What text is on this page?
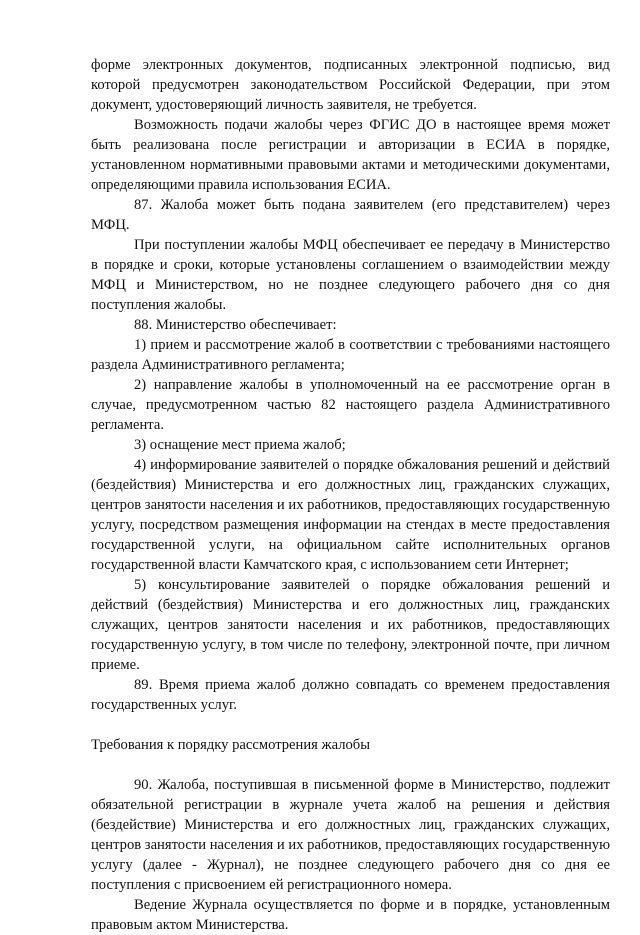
форме электронных документов, подписанных электронной подписью, вид которой предусмотрен законодательством Российской Федерации, при этом документ, удостоверяющий личность заявителя, не требуется.

Возможность подачи жалобы через ФГИС ДО в настоящее время может быть реализована после регистрации и авторизации в ЕСИА в порядке, установленном нормативными правовыми актами и методическими документами, определяющими правила использования ЕСИА.

87. Жалоба может быть подана заявителем (его представителем) через МФЦ.

При поступлении жалобы МФЦ обеспечивает ее передачу в Министерство в порядке и сроки, которые установлены соглашением о взаимодействии между МФЦ и Министерством, но не позднее следующего рабочего дня со дня поступления жалобы.

88. Министерство обеспечивает:

1) прием и рассмотрение жалоб в соответствии с требованиями настоящего раздела Административного регламента;

2) направление жалобы в уполномоченный на ее рассмотрение орган в случае, предусмотренном частью 82 настоящего раздела Административного регламента.

3) оснащение мест приема жалоб;

4) информирование заявителей о порядке обжалования решений и действий (бездействия) Министерства и его должностных лиц, гражданских служащих, центров занятости населения и их работников, предоставляющих государственную услугу, посредством размещения информации на стендах в месте предоставления государственной услуги, на официальном сайте исполнительных органов государственной власти Камчатского края, с использованием сети Интернет;

5) консультирование заявителей о порядке обжалования решений и действий (бездействия) Министерства и его должностных лиц, гражданских служащих, центров занятости населения и их работников, предоставляющих государственную услугу, в том числе по телефону, электронной почте, при личном приеме.

89. Время приема жалоб должно совпадать со временем предоставления государственных услуг.

Требования к порядку рассмотрения жалобы

90. Жалоба, поступившая в письменной форме в Министерство, подлежит обязательной регистрации в журнале учета жалоб на решения и действия (бездействие) Министерства и его должностных лиц, гражданских служащих, центров занятости населения и их работников, предоставляющих государственную услугу (далее - Журнал), не позднее следующего рабочего дня со дня ее поступления с присвоением ей регистрационного номера.

Ведение Журнала осуществляется по форме и в порядке, установленным правовым актом Министерства.
